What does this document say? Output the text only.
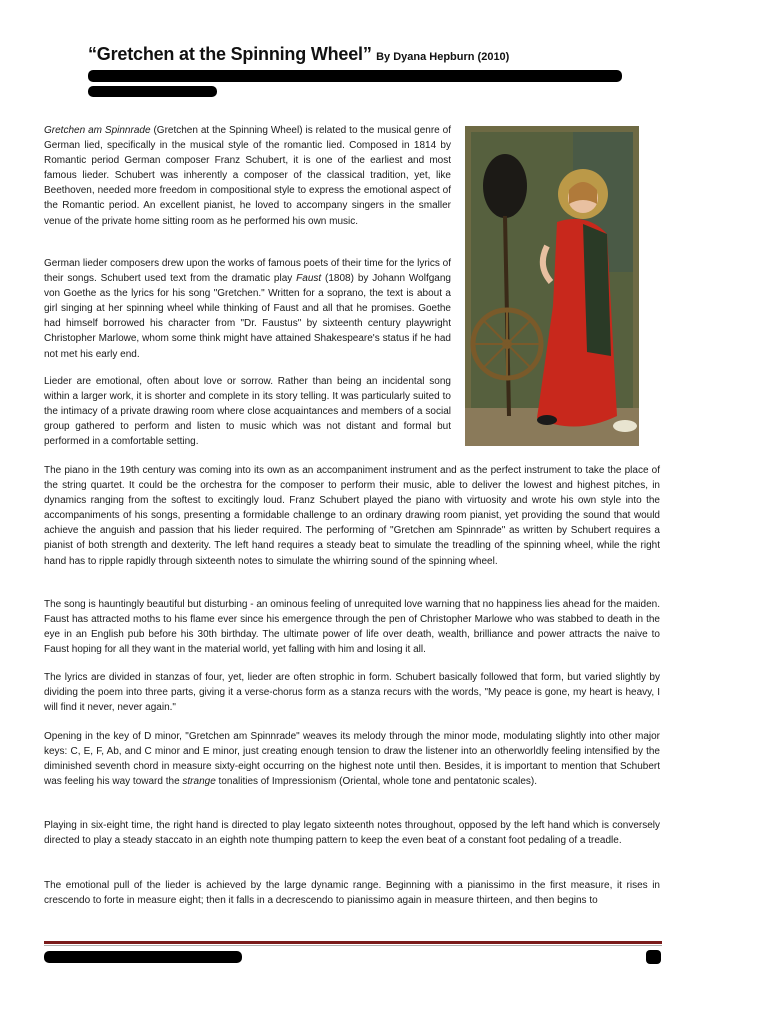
“Gretchen at the Spinning Wheel” By Dyana Hepburn (2010)

Gretchen am Spinnrade (Gretchen at the Spinning Wheel) is related to the musical genre of German lied, specifically in the musical style of the romantic lied. Composed in 1814 by Romantic period German composer Franz Schubert, it is one of the earliest and most famous lieder. Schubert was inherently a composer of the classical tradition, yet, like Beethoven, needed more freedom in compositional style to express the emotional aspect of the Romantic period. An excellent pianist, he loved to accompany singers in the smaller venue of the private home sitting room as he performed his own music.

German lieder composers drew upon the works of famous poets of their time for the lyrics of their songs. Schubert used text from the dramatic play Faust (1808) by Johann Wolfgang von Goethe as the lyrics for his song "Gretchen." Written for a soprano, the text is about a girl singing at her spinning wheel while thinking of Faust and all that he promises. Goethe had himself borrowed his character from "Dr. Faustus" by sixteenth century playwright Christopher Marlowe, whom some think might have attained Shakespeare's status if he had not met his early end.

Lieder are emotional, often about love or sorrow. Rather than being an incidental song within a larger work, it is shorter and complete in its story telling. It was particularly suited to the intimacy of a private drawing room where close acquaintances and members of a social group gathered to perform and listen to music which was not distant and formal but performed in a comfortable setting.

The piano in the 19th century was coming into its own as an accompaniment instrument and as the perfect instrument to take the place of the string quartet. It could be the orchestra for the composer to perform their music, able to deliver the lowest and highest pitches, in dynamics ranging from the softest to excitingly loud. Franz Schubert played the piano with virtuosity and wrote his own style into the accompaniments of his songs, presenting a formidable challenge to an ordinary drawing room pianist, yet providing the sound that would achieve the anguish and passion that his lieder required. The performing of "Gretchen am Spinnrade" as written by Schubert requires a pianist of both strength and dexterity. The left hand requires a steady beat to simulate the treadling of the spinning wheel, while the right hand has to ripple rapidly through sixteenth notes to simulate the whirring sound of the spinning wheel.

The song is hauntingly beautiful but disturbing - an ominous feeling of unrequited love warning that no happiness lies ahead for the maiden. Faust has attracted moths to his flame ever since his emergence through the pen of Christopher Marlowe who was stabbed to death in the eye in an English pub before his 30th birthday. The ultimate power of life over death, wealth, brilliance and power attracts the naive to Faust hoping for all they want in the material world, yet falling with him and losing it all.

The lyrics are divided in stanzas of four, yet, lieder are often strophic in form. Schubert basically followed that form, but varied slightly by dividing the poem into three parts, giving it a verse-chorus form as a stanza recurs with the words, "My peace is gone, my heart is heavy, I will find it never, never again."

Opening in the key of D minor, "Gretchen am Spinnrade" weaves its melody through the minor mode, modulating slightly into other major keys: C, E, F, Ab, and C minor and E minor, just creating enough tension to draw the listener into an otherworldly feeling intensified by the diminished seventh chord in measure sixty-eight occurring on the highest note until then. Besides, it is important to mention that Schubert was feeling his way toward the strange tonalities of Impressionism (Oriental, whole tone and pentatonic scales).

Playing in six-eight time, the right hand is directed to play legato sixteenth notes throughout, opposed by the left hand which is conversely directed to play a steady staccato in an eighth note thumping pattern to keep the even beat of a constant foot pedaling of a treadle.

The emotional pull of the lieder is achieved by the large dynamic range. Beginning with a pianissimo in the first measure, it rises in crescendo to forte in measure eight; then it falls in a decrescendo to pianissimo again in measure thirteen, and then begins to
